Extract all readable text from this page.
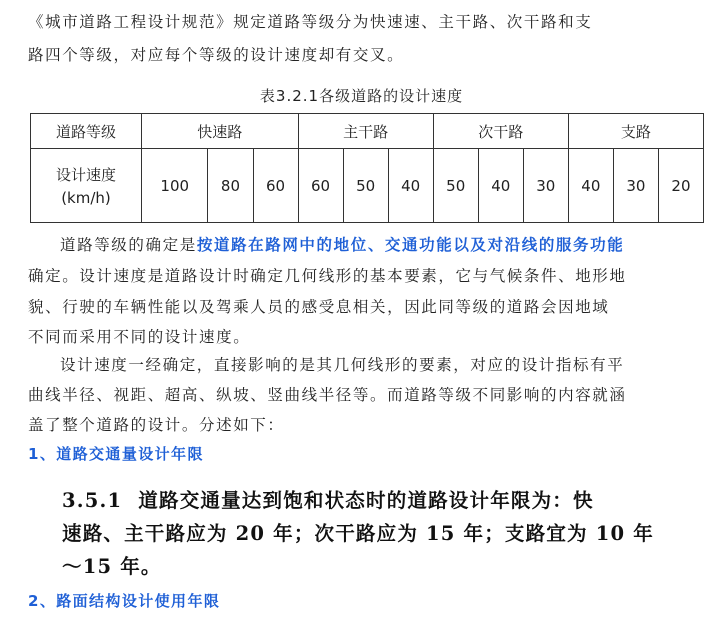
《城市道路工程设计规范》规定道路等级分为快速速、主干路、次干路和支
路四个等级，对应每个等级的设计速度却有交叉。
表3.2.1各级道路的设计速度
道路等级	快速路			主干路			次干路			支路		
设计速度
(km/h)	100	80	60	60	50	40	50	40	30	40	30	20
道路等级的确定是按道路在路网中的地位、交通功能以及对沿线的服务功能
确定。设计速度是道路设计时确定几何线形的基本要素，它与气候条件、地形地
貌、行驶的车辆性能以及驾乘人员的感受息相关，因此同等级的道路会因地域
不同而采用不同的设计速度。
设计速度一经确定，直接影响的是其几何线形的要素，对应的设计指标有平
曲线半径、视距、超高、纵坡、竖曲线半径等。而道路等级不同影响的内容就涵
盖了整个道路的设计。分述如下：
1、道路交通量设计年限
3.5.1 道路交通量达到饱和状态时的道路设计年限为：快
速路、主干路应为 20 年；次干路应为 15 年；支路宜为 10 年
～15 年。
2、路面结构设计使用年限
